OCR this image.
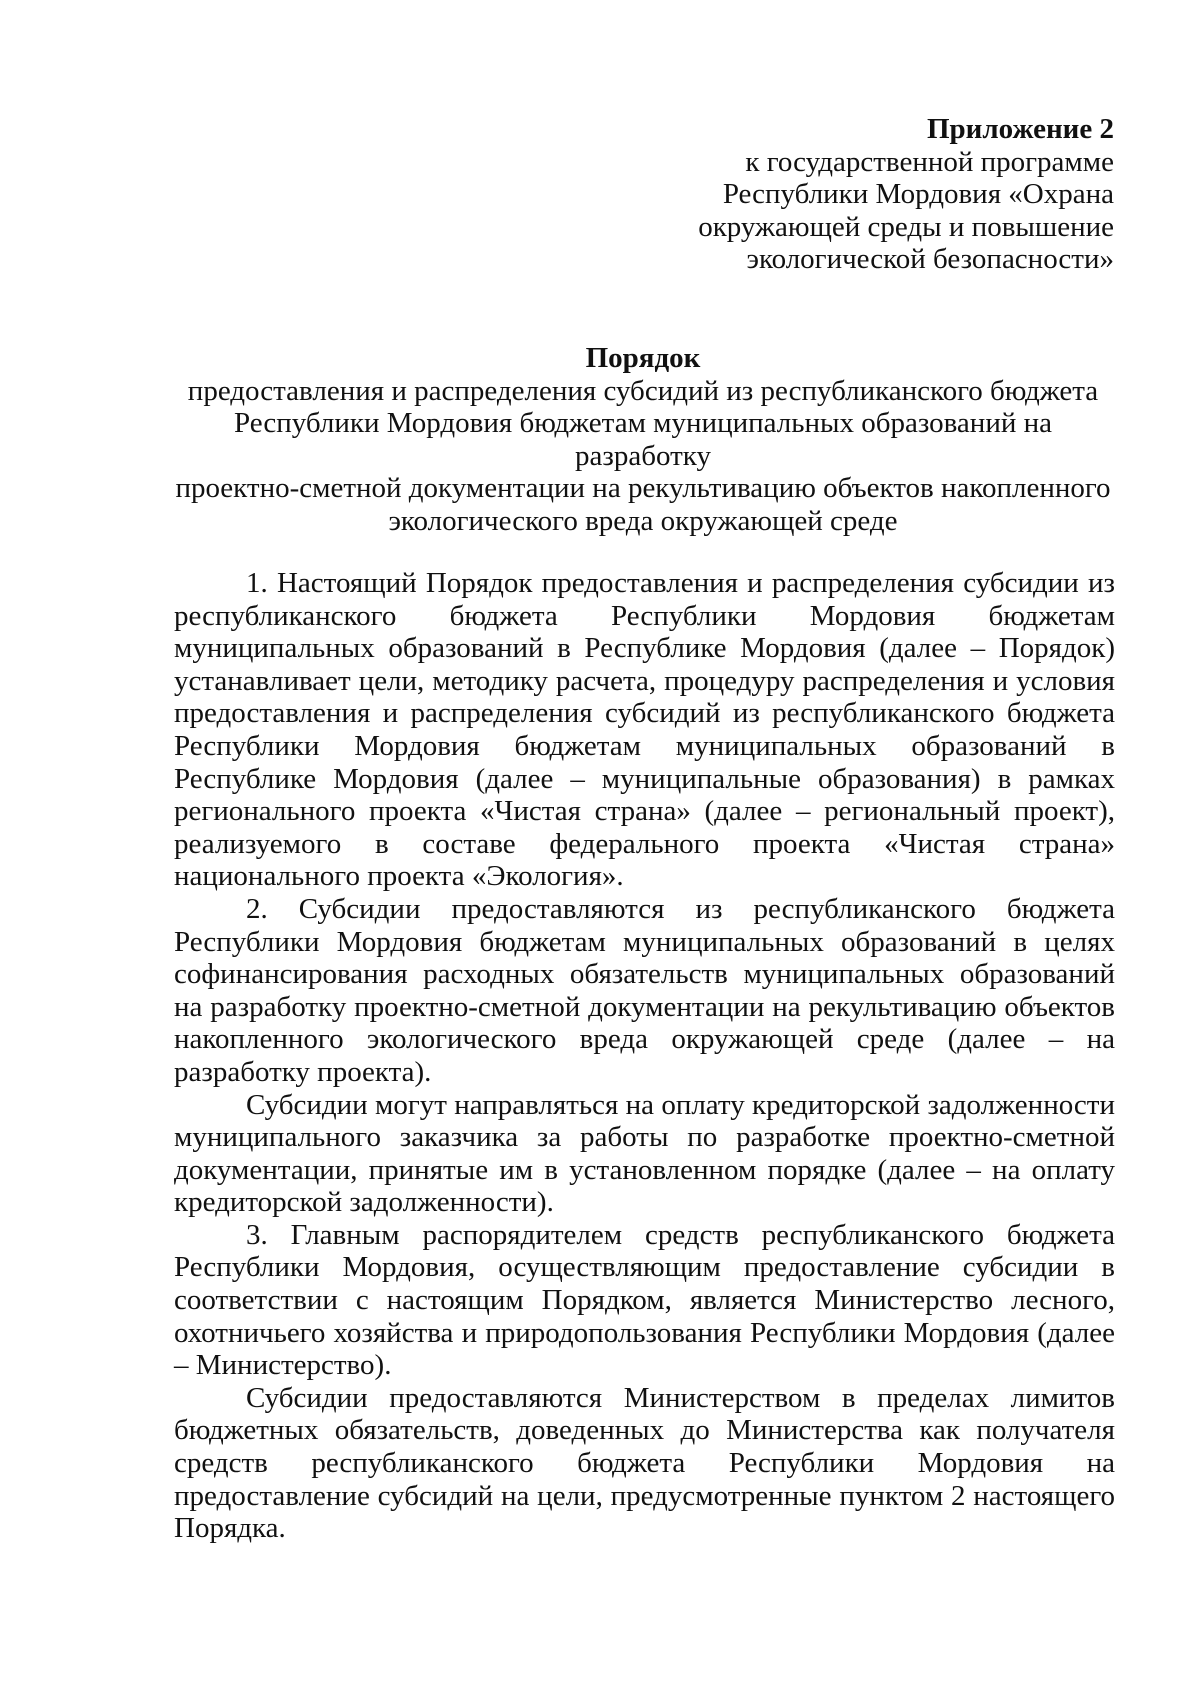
Приложение 2
к государственной программе
Республики Мордовия «Охрана
окружающей среды и повышение
экологической безопасности»
Порядок
предоставления и распределения субсидий из республиканского бюджета
Республики Мордовия бюджетам муниципальных образований на разработку
проектно-сметной документации на рекультивацию объектов накопленного
экологического вреда окружающей среде

1. Настоящий Порядок предоставления и распределения субсидии из республиканского бюджета Республики Мордовия бюджетам муниципальных образований в Республике Мордовия (далее – Порядок) устанавливает цели, методику расчета, процедуру распределения и условия предоставления и распределения субсидий из республиканского бюджета Республики Мордовия бюджетам муниципальных образований в Республике Мордовия (далее – муниципальные образования) в рамках регионального проекта «Чистая страна» (далее – региональный проект), реализуемого в составе федерального проекта «Чистая страна» национального проекта «Экология».

2. Субсидии предоставляются из республиканского бюджета Республики Мордовия бюджетам муниципальных образований в целях софинансирования расходных обязательств муниципальных образований на разработку проектно-сметной документации на рекультивацию объектов накопленного экологического вреда окружающей среде (далее – на разработку проекта).

Субсидии могут направляться на оплату кредиторской задолженности муниципального заказчика за работы по разработке проектно-сметной документации, принятые им в установленном порядке (далее – на оплату кредиторской задолженности).

3. Главным распорядителем средств республиканского бюджета Республики Мордовия, осуществляющим предоставление субсидии в соответствии с настоящим Порядком, является Министерство лесного, охотничьего хозяйства и природопользования Республики Мордовия (далее – Министерство).

Субсидии предоставляются Министерством в пределах лимитов бюджетных обязательств, доведенных до Министерства как получателя средств республиканского бюджета Республики Мордовия на предоставление субсидий на цели, предусмотренные пунктом 2 настоящего Порядка.
